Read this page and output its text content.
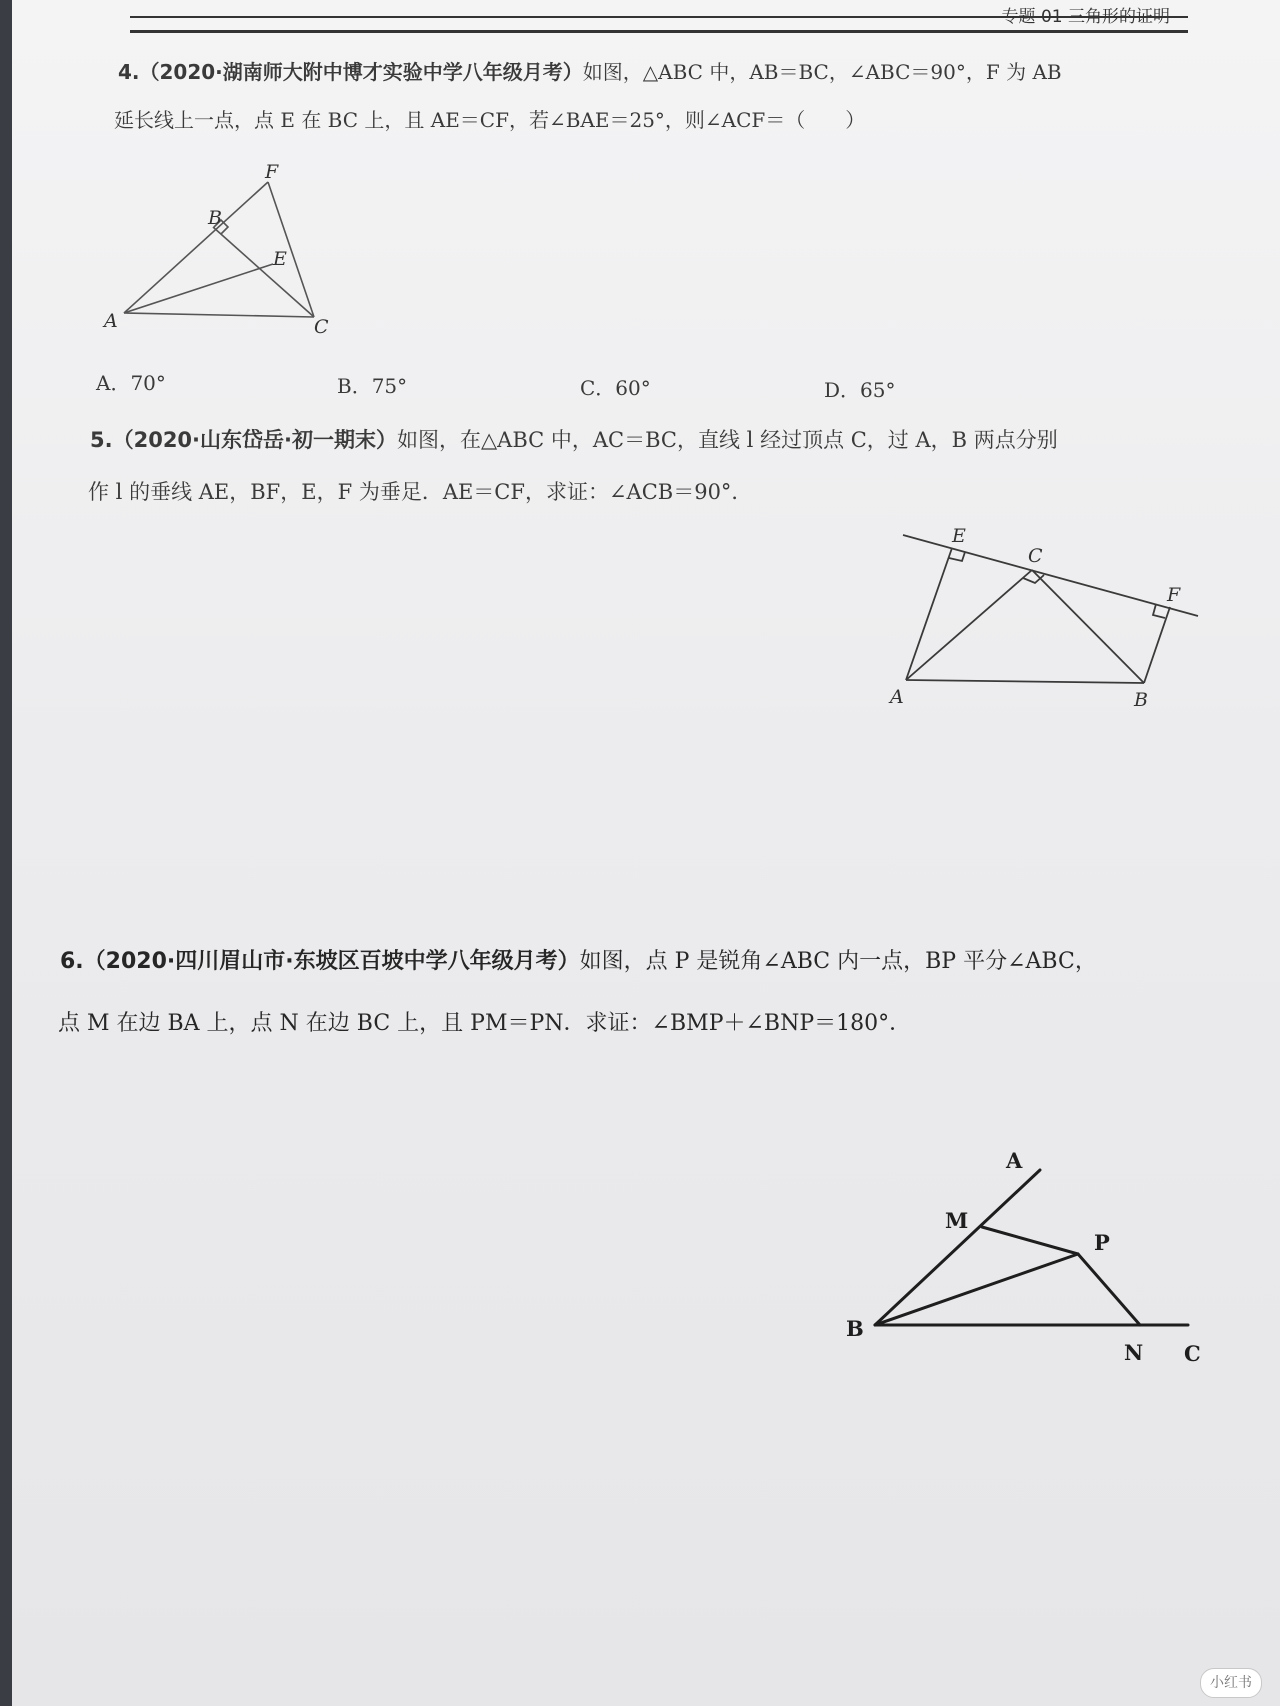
专题 01 三角形的证明
4.（2020·湖南师大附中博才实验中学八年级月考）如图，△ABC 中，AB＝BC，∠ABC＝90°，F 为 AB
延长线上一点，点 E 在 BC 上，且 AE＝CF，若∠BAE＝25°，则∠ACF＝（　　）
F
B
E
A	C
E
C
F
A	B
A
M
P
B
N C
A．70°	B．75°	C．60°	D．65°
5.（2020·山东岱岳·初一期末）如图，在△ABC 中，AC＝BC，直线 l 经过顶点 C，过 A，B 两点分别
作 l 的垂线 AE，BF，E，F 为垂足．AE＝CF，求证：∠ACB＝90°．
6.（2020·四川眉山市·东坡区百坡中学八年级月考）如图，点 P 是锐角∠ABC 内一点，BP 平分∠ABC，
点 M 在边 BA 上，点 N 在边 BC 上，且 PM＝PN．求证：∠BMP＋∠BNP＝180°．
小红书
